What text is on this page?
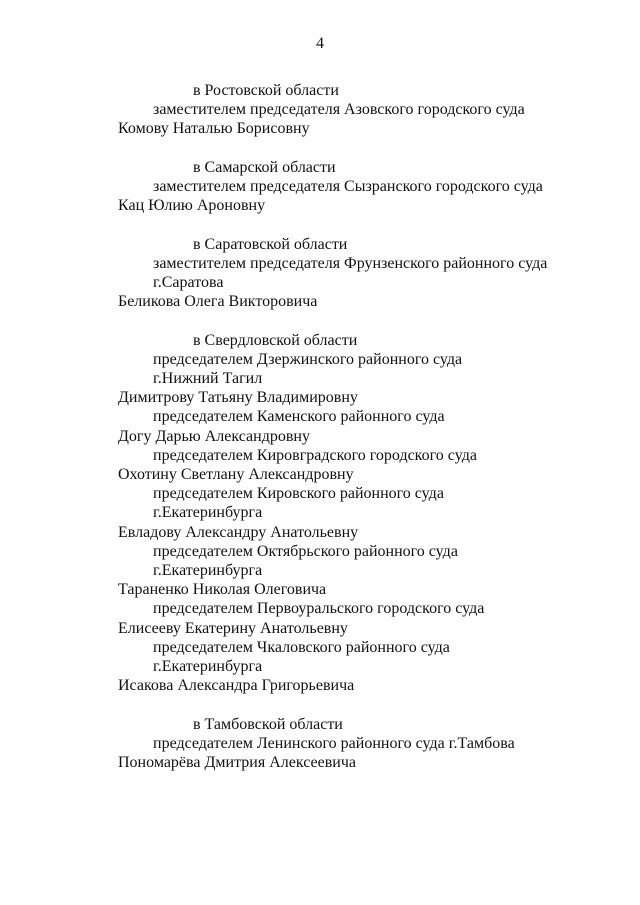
4
в Ростовской области
заместителем председателя Азовского городского суда
Комову Наталью Борисовну
в Самарской области
заместителем председателя Сызранского городского суда
Кац Юлию Ароновну
в Саратовской области
заместителем председателя Фрунзенского районного суда
г.Саратова
Беликова Олега Викторовича
в Свердловской области
председателем Дзержинского районного суда
г.Нижний Тагил
Димитрову Татьяну Владимировну
председателем Каменского районного суда
Догу Дарью Александровну
председателем Кировградского городского суда
Охотину Светлану Александровну
председателем Кировского районного суда
г.Екатеринбурга
Евладову Александру Анатольевну
председателем Октябрьского районного суда
г.Екатеринбурга
Тараненко Николая Олеговича
председателем Первоуральского городского суда
Елисееву Екатерину Анатольевну
председателем Чкаловского районного суда
г.Екатеринбурга
Исакова Александра Григорьевича
в Тамбовской области
председателем Ленинского районного суда г.Тамбова
Пономарёва Дмитрия Алексеевича
